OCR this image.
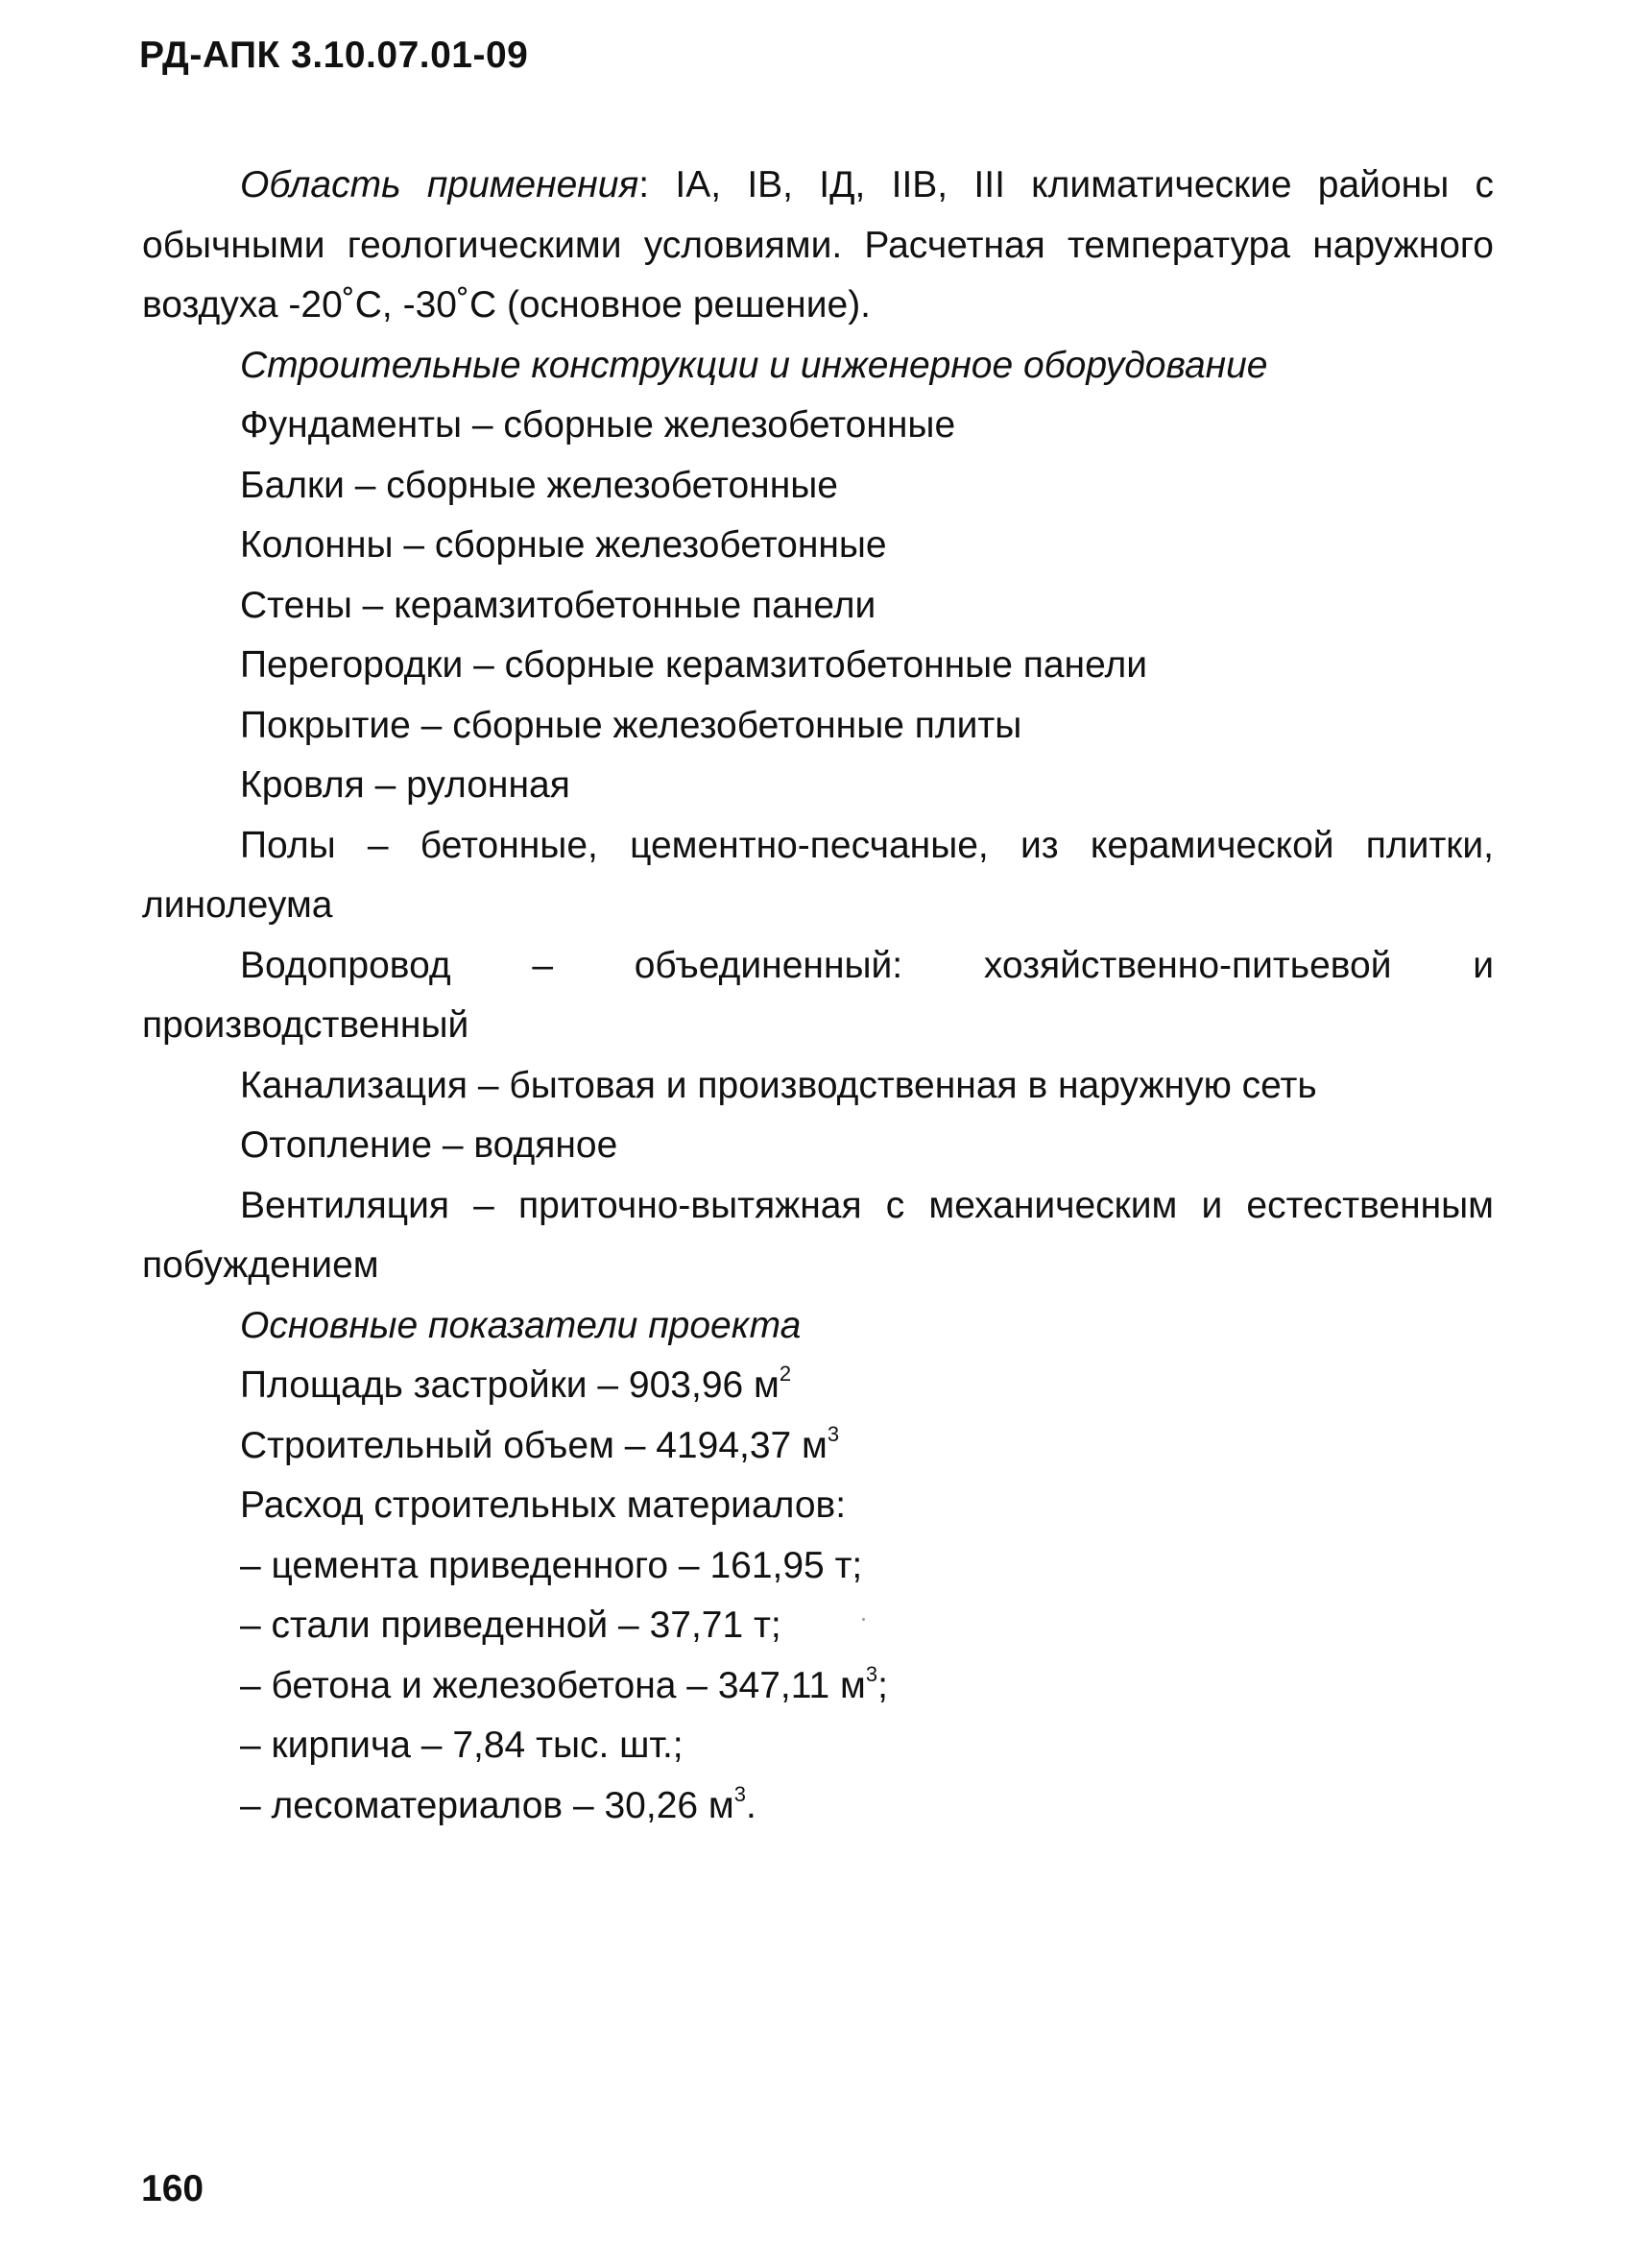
РД-АПК 3.10.07.01-09

Область применения: IA, IB, IД, IIB, III климатические районы с обычными геологическими условиями. Расчетная температура наружного воздуха -20˚С, -30˚С (основное решение).

Строительные конструкции и инженерное оборудование

Фундаменты – сборные железобетонные

Балки – сборные железобетонные

Колонны – сборные железобетонные

Стены – керамзитобетонные панели

Перегородки – сборные керамзитобетонные панели

Покрытие – сборные железобетонные плиты

Кровля – рулонная

Полы – бетонные, цементно-песчаные, из керамической плитки, линолеума

Водопровод – объединенный: хозяйственно-питьевой и производственный

Канализация – бытовая и производственная в наружную сеть

Отопление – водяное

Вентиляция – приточно-вытяжная с механическим и естественным побуждением

Основные показатели проекта

Площадь застройки – 903,96 $м^2$

Строительный объем – 4194,37 $м^3$

Расход строительных материалов:

– цемента приведенного – 161,95 т;

– стали приведенной – 37,71 т;

– бетона и железобетона – 347,11 $м^3$;

– кирпича – 7,84 тыс. шт.;

– лесоматериалов – 30,26 $м^3$.

160
